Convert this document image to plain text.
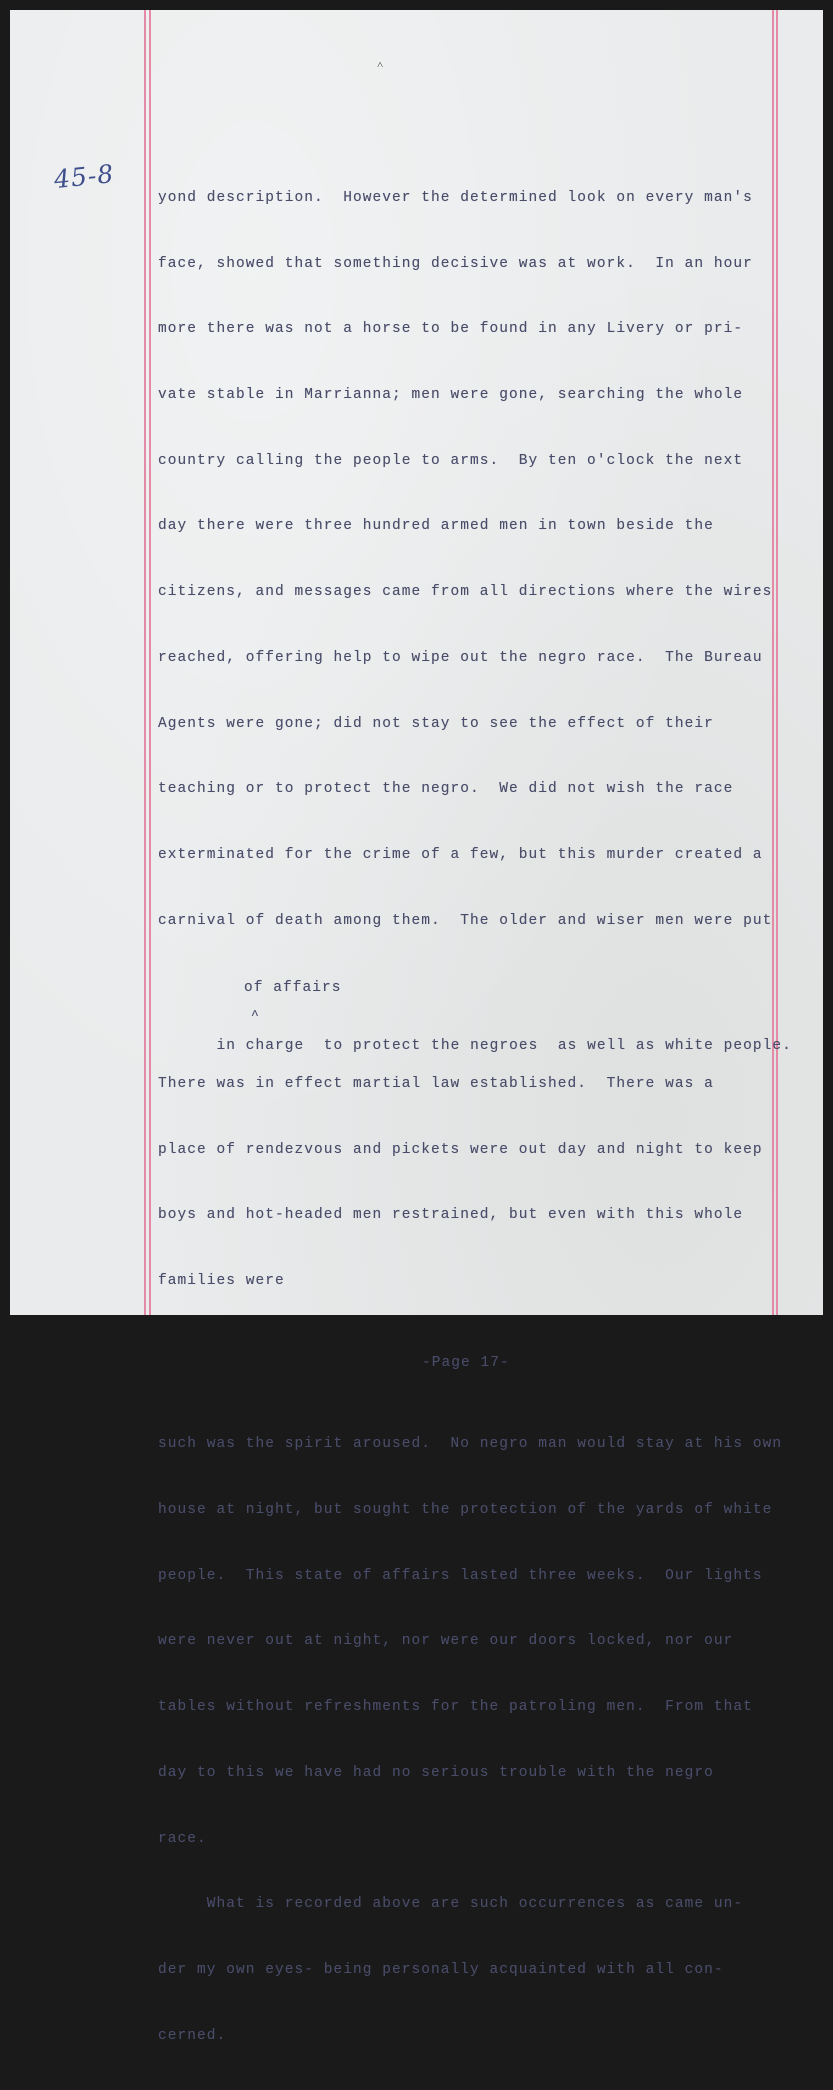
˄
45-8

yond description.  However the determined look on every man's

face, showed that something decisive was at work.  In an hour

more there was not a horse to be found in any Livery or pri-

vate stable in Marrianna; men were gone, searching the whole

country calling the people to arms.  By ten o'clock the next

day there were three hundred armed men in town beside the

citizens, and messages came from all directions where the wires

reached, offering help to wipe out the negro race.  The Bureau

Agents were gone; did not stay to see the effect of their

teaching or to protect the negro.  We did not wish the race

exterminated for the crime of a few, but this murder created a

carnival of death among them.  The older and wiser men were put

of affairs

in charge
^
to protect the negroes  as well as white people.

There was in effect martial law established.  There was a

place of rendezvous and pickets were out day and night to keep

boys and hot-headed men restrained, but even with this whole

families were

-Page 17-

such was the spirit aroused.  No negro man would stay at his own

house at night, but sought the protection of the yards of white

people.  This state of affairs lasted three weeks.  Our lights

were never out at night, nor were our doors locked, nor our

tables without refreshments for the patroling men.  From that

day to this we have had no serious trouble with the negro

race.

What is recorded above are such occurrences as came un-

der my own eyes- being personally acquainted with all con-

cerned.
